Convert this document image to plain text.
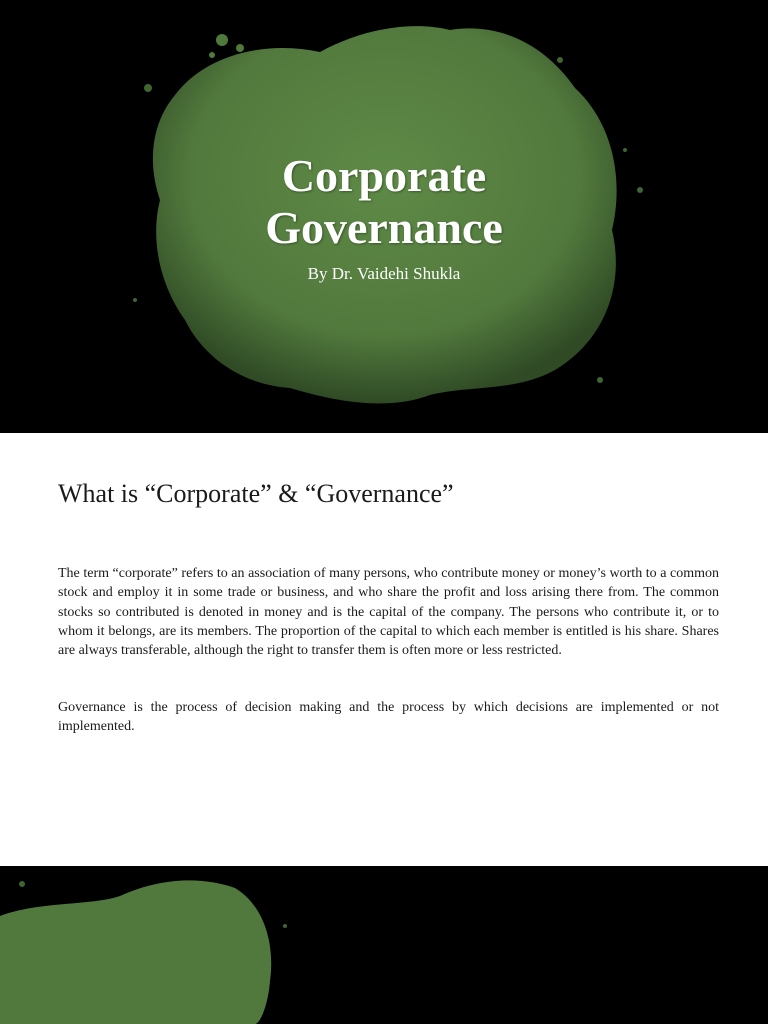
Corporate
Governance
By Dr. Vaidehi Shukla
What is “Corporate” & “Governance”

The term “corporate” refers to an association of many persons, who contribute money or money’s worth to a common stock and employ it in some trade or business, and who share the profit and loss arising there from. The common stocks so contributed is denoted in money and is the capital of the company. The persons who contribute it, or to whom it belongs, are its members. The proportion of the capital to which each member is entitled is his share. Shares are always transferable, although the right to transfer them is often more or less restricted.

Governance is the process of decision making and the process by which decisions are implemented or not implemented.
